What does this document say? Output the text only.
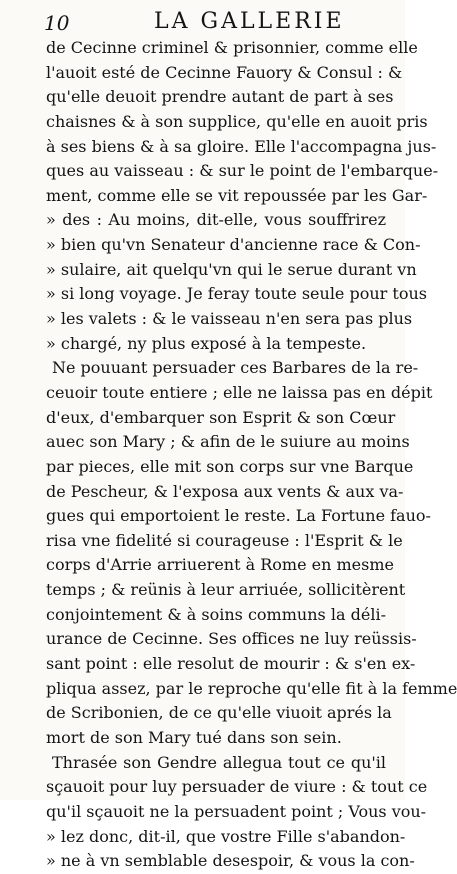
10	LA GALLERIE
de Cecinne criminel & prisonnier, comme elle
l'auoit esté de Cecinne Fauory & Consul : &
qu'elle deuoit prendre autant de part à ses
chaisnes & à son supplice, qu'elle en auoit pris
à ses biens & à sa gloire. Elle l'accompagna jus-
ques au vaisseau : & sur le point de l'embarque-
ment, comme elle se vit repoussée par les Gar-
» des : Au moins, dit-elle, vous souffrirez
» bien qu'vn Senateur d'ancienne race & Con-
» sulaire, ait quelqu'vn qui le serue durant vn
» si long voyage. Je feray toute seule pour tous
» les valets : & le vaisseau n'en sera pas plus
» chargé, ny plus exposé à la tempeste.
Ne pouuant persuader ces Barbares de la re-
ceuoir toute entiere ; elle ne laissa pas en dépit
d'eux, d'embarquer son Esprit & son Cœur
auec son Mary ; & afin de le suiure au moins
par pieces, elle mit son corps sur vne Barque
de Pescheur, & l'exposa aux vents & aux va-
gues qui emportoient le reste. La Fortune fauo-
risa vne fidelité si courageuse : l'Esprit & le
corps d'Arrie arriuerent à Rome en mesme
temps ; & reünis à leur arriuée, sollicitèrent
conjointement & à soins communs la déli-
urance de Cecinne. Ses offices ne luy reüssis-
sant point : elle resolut de mourir : & s'en ex-
pliqua assez, par le reproche qu'elle fit à la femme
de Scribonien, de ce qu'elle viuoit aprés la
mort de son Mary tué dans son sein.
Thrasée son Gendre allegua tout ce qu'il
sçauoit pour luy persuader de viure : & tout ce
qu'il sçauoit ne la persuadent point ; Vous vou-
» lez donc, dit-il, que vostre Fille s'abandon-
» ne à vn semblable desespoir, & vous la con-
